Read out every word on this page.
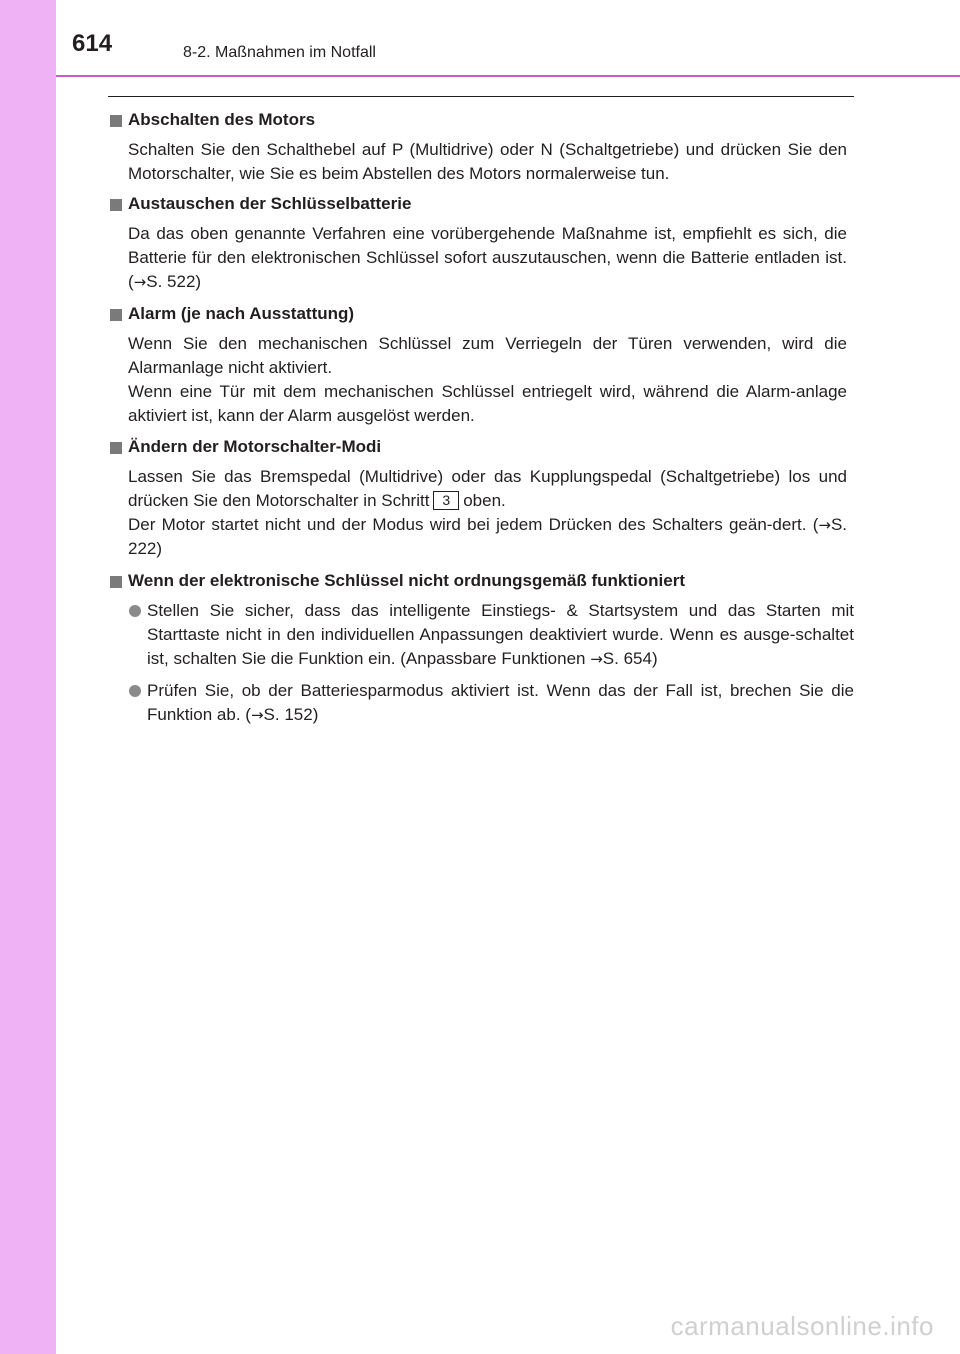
614	8-2. Maßnahmen im Notfall
Abschalten des Motors
Schalten Sie den Schalthebel auf P (Multidrive) oder N (Schaltgetriebe) und drücken Sie den Motorschalter, wie Sie es beim Abstellen des Motors normalerweise tun.
Austauschen der Schlüsselbatterie
Da das oben genannte Verfahren eine vorübergehende Maßnahme ist, empfiehlt es sich, die Batterie für den elektronischen Schlüssel sofort auszutauschen, wenn die Batterie entladen ist. (→S. 522)
Alarm (je nach Ausstattung)
Wenn Sie den mechanischen Schlüssel zum Verriegeln der Türen verwenden, wird die Alarmanlage nicht aktiviert.
Wenn eine Tür mit dem mechanischen Schlüssel entriegelt wird, während die Alarm-anlage aktiviert ist, kann der Alarm ausgelöst werden.
Ändern der Motorschalter-Modi
Lassen Sie das Bremspedal (Multidrive) oder das Kupplungspedal (Schaltgetriebe) los und drücken Sie den Motorschalter in Schritt 3 oben.
Der Motor startet nicht und der Modus wird bei jedem Drücken des Schalters geän-dert. (→S. 222)
Wenn der elektronische Schlüssel nicht ordnungsgemäß funktioniert
Stellen Sie sicher, dass das intelligente Einstiegs- & Startsystem und das Starten mit Starttaste nicht in den individuellen Anpassungen deaktiviert wurde. Wenn es ausge-schaltet ist, schalten Sie die Funktion ein. (Anpassbare Funktionen →S. 654)
Prüfen Sie, ob der Batteriesparmodus aktiviert ist. Wenn das der Fall ist, brechen Sie die Funktion ab. (→S. 152)
carmanualsonline.info
